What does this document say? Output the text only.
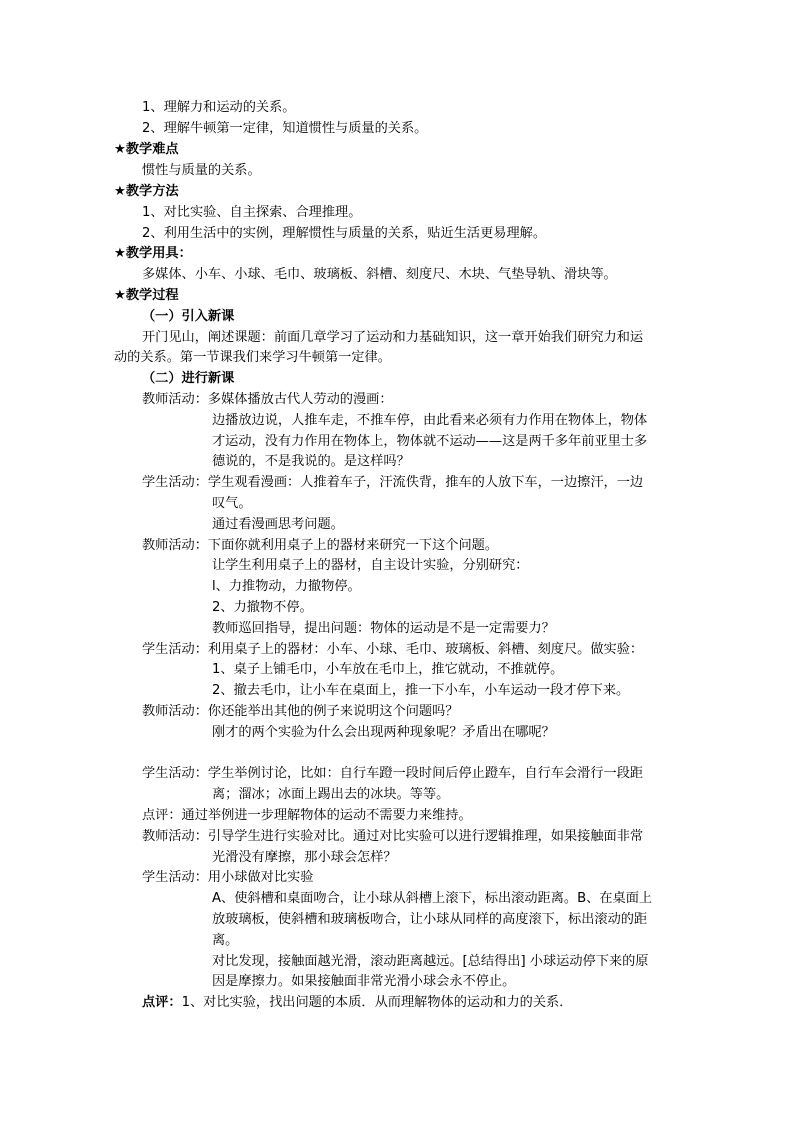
1、理解力和运动的关系。
2、理解牛顿第一定律，知道惯性与质量的关系。
★教学难点
惯性与质量的关系。
★教学方法
1、对比实验、自主探索、合理推理。
2、利用生活中的实例，理解惯性与质量的关系，贴近生活更易理解。
★教学用具：
多媒体、小车、小球、毛巾、玻璃板、斜槽、刻度尺、木块、气垫导轨、滑块等。
★教学过程
（一）引入新课
开门见山，阐述课题：前面几章学习了运动和力基础知识，这一章开始我们研究力和运
动的关系。第一节课我们来学习牛顿第一定律。
（二）进行新课
教师活动：多媒体播放古代人劳动的漫画：
边播放边说，人推车走，不推车停，由此看来必须有力作用在物体上，物体
才运动，没有力作用在物体上，物体就不运动——这是两千多年前亚里士多
德说的，不是我说的。是这样吗？
学生活动：学生观看漫画：人推着车子，汗流佚背，推车的人放下车，一边擦汗，一边
叹气。
通过看漫画思考问题。
教师活动：下面你就利用桌子上的器材来研究一下这个问题。
让学生利用桌子上的器材，自主设计实验，分别研究：
l、力推物动，力撤物停。
2、力撤物不停。
教师巡回指导，提出问题：物体的运动是不是一定需要力？
学生活动：利用桌子上的器材：小车、小球、毛巾、玻璃板、斜槽、刻度尺。做实验：
1、桌子上铺毛巾，小车放在毛巾上，推它就动，不推就停。
2、撤去毛巾，让小车在桌面上，推一下小车，小车运动一段才停下来。
教师活动：你还能举出其他的例子来说明这个问题吗？
刚才的两个实验为什么会出现两种现象呢？矛盾出在哪呢？
学生活动：学生举例讨论，比如：自行车蹬一段时间后停止蹬车，自行车会滑行一段距
离；溜冰；冰面上踢出去的冰块。等等。
点评：通过举例进一步理解物体的运动不需要力来维持。
教师活动：引导学生进行实验对比。通过对比实验可以进行逻辑推理，如果接触面非常
光滑没有摩擦，那小球会怎样？
学生活动：用小球做对比实验
A、使斜槽和桌面吻合，让小球从斜槽上滚下，标出滚动距离。B、在桌面上
放玻璃板，使斜槽和玻璃板吻合，让小球从同样的高度滚下，标出滚动的距
离。
对比发现，接触面越光滑，滚动距离越远。[总结得出] 小球运动停下来的原
因是摩擦力。如果接触面非常光滑小球会永不停止。
点评：1、对比实验，找出问题的本质．从而理解物体的运动和力的关系．
